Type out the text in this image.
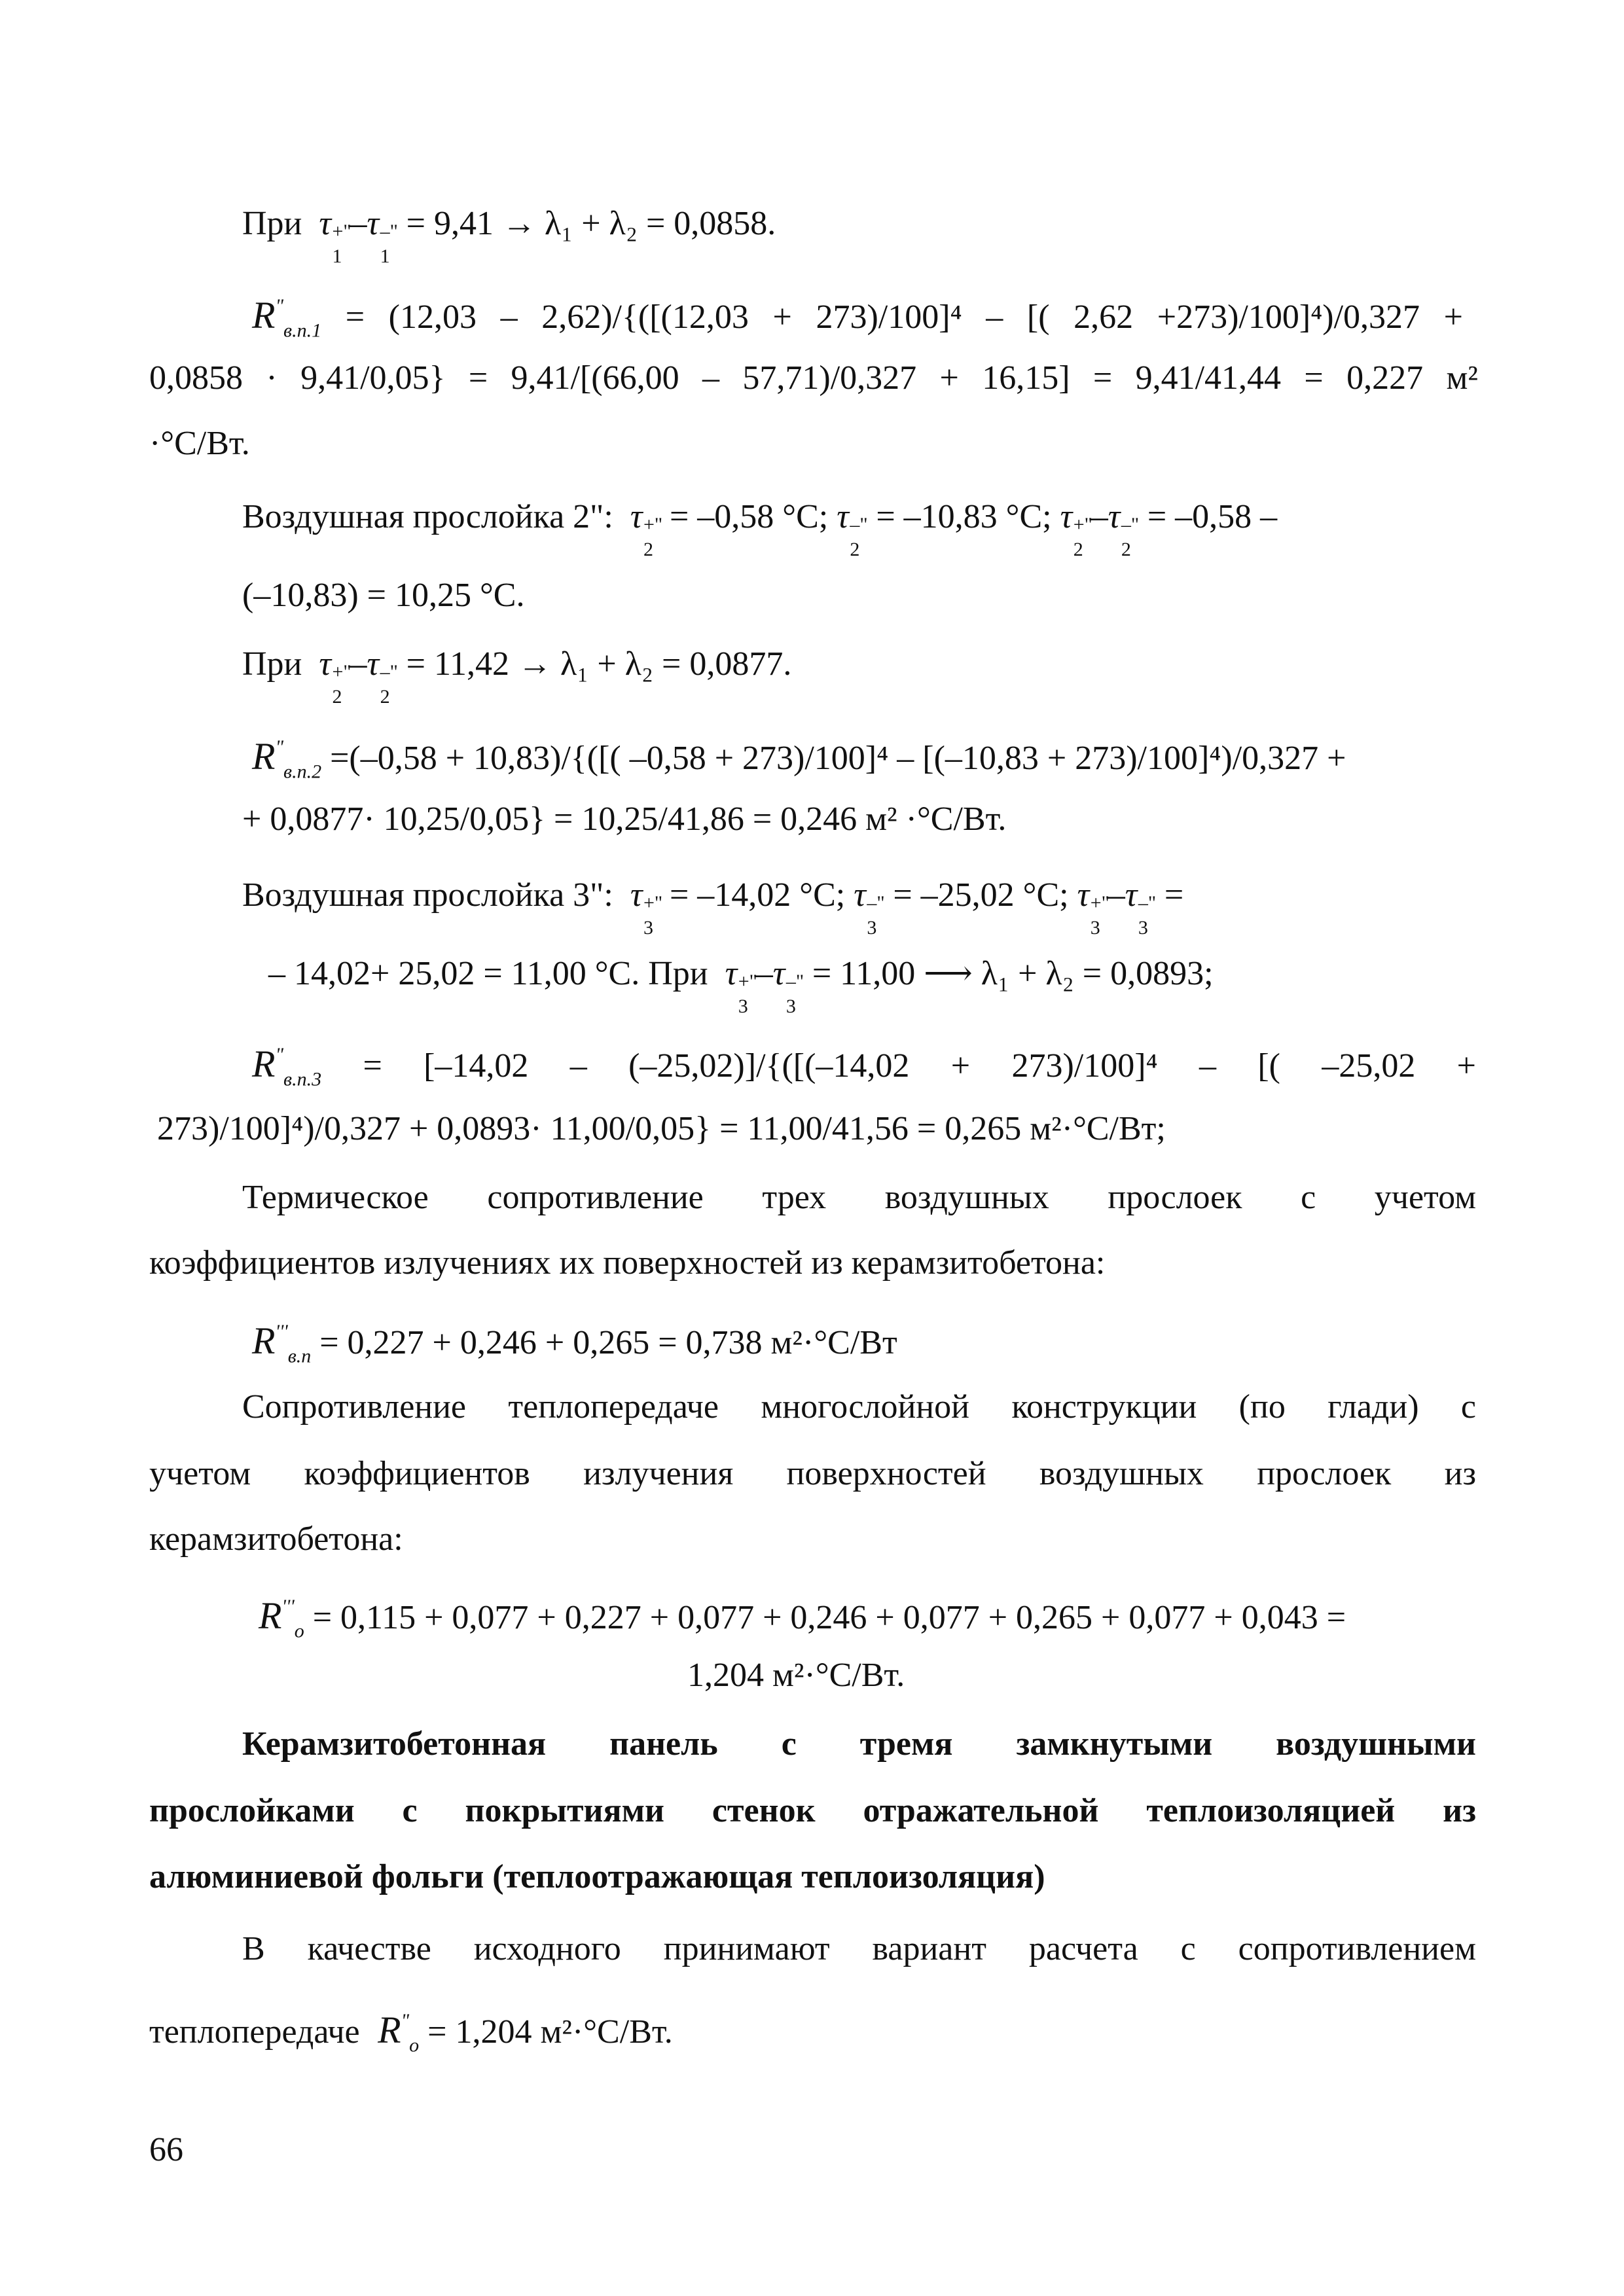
При  τ +"
1
–τ –"
1
= 9,41 → λ₁ + λ₂ = 0,0858.
$R^"_{в.п.1} = (12,03 - 2,62)/\{([(12,03 + 273)/100]^4$ – [( 2,62 +273)/100]⁴)/0,327 +
0,0858 · 9,41/0,05} = 9,41/[(66,00 – 57,71)/0,327 + 16,15] = 9,41/41,44 = 0,227 м²
·°С/Вт.
Воздушная прослойка 2":  τ +"
2
= –0,58 °С; τ –"
2
= –10,83 °С; τ +"
2
–τ –"
2
= –0,58 –
(–10,83) = 10,25 °С.
При  τ +"
2
–τ –"
2
= 11,42 → λ₁ + λ₂ = 0,0877.
$R^"_{в.п.2} =(-0,58 + 10,83)/${([( –0,58 + 273)/100]⁴ – [(–10,83 + 273)/100]⁴)/0,327 +
+ 0,0877· 10,25/0,05} = 10,25/41,86 = 0,246 м² ·°С/Вт.
Воздушная прослойка 3":  τ +"
3
= –14,02 °С; τ –"
3
= –25,02 °С; τ +"
3
–τ –"
3
=
– 14,02+ 25,02 = 11,00 °С. При  τ +"
3
–τ –"
3
= 11,00 ⟶ λ₁ + λ₂ = 0,0893;
$R^"_{в.п.3} = [-14,02 - (-25,02)]/\{([(-14,02 + 273)/100]^4$ – [( –25,02 +
273)/100]⁴)/0,327 + 0,0893· 11,00/0,05} = 11,00/41,56 = 0,265 м²·°С/Вт;
Термическое сопротивление трех воздушных прослоек с учетом
коэффициентов излучениях их поверхностей из керамзитобетона:
$R'''_{в.п} = 0,227 + 0,246 + 0,265 = 0,738$ м²·°С/Вт
Сопротивление теплопередаче многослойной конструкции (по глади) с
учетом коэффициентов излучения поверхностей воздушных прослоек из
керамзитобетона:
$R'''_о = 0,115 + 0,077 + 0,227 + 0,077 + 0,246 + 0,077 + 0,265 + 0,077 + 0,043$ =
1,204 м²·°С/Вт.
Керамзитобетонная панель с тремя замкнутыми воздушными
прослойками с покрытиями стенок отражательной теплоизоляцией из
алюминиевой фольги (теплоотражающая теплоизоляция)
В качестве исходного принимают вариант расчета с сопротивлением
теплопередаче  $R^"_о = 1,204$ м²·°С/Вт.
66
